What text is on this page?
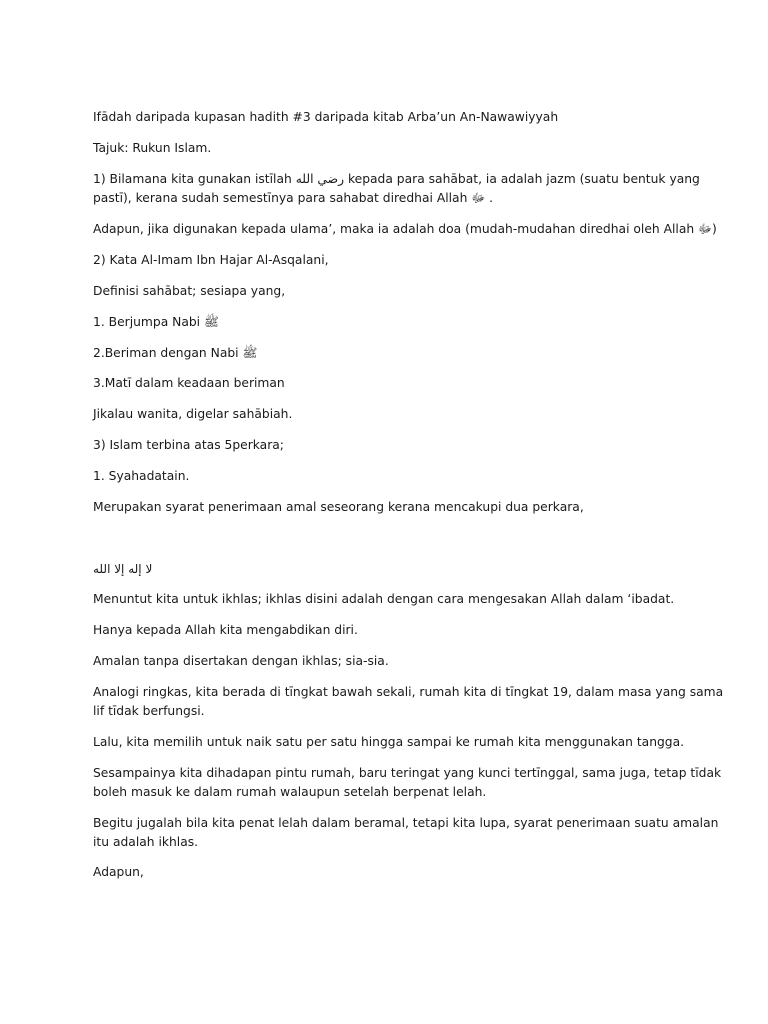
Ifādah daripada kupasan hadith #3 daripada kitab Arba’un An-Nawawiyyah
Tajuk: Rukun Islam.
1) Bilamana kita gunakan istīlah رضي الله kepada para sahābat, ia adalah jazm (suatu bentuk yang
pastī), kerana sudah semestīnya para sahabat diredhai Allah ﷻ .
Adapun, jika digunakan kepada ulama’, maka ia adalah doa (mudah-mudahan diredhai oleh Allah ﷻ)
2) Kata Al-Imam Ibn Hajar Al-Asqalani,
Definisi sahābat; sesiapa yang,
1. Berjumpa Nabi ﷺ
2.Beriman dengan Nabi ﷺ
3.Matī dalam keadaan beriman
Jikalau wanita, digelar sahābiah.
3) Islam terbina atas 5perkara;
1. Syahadatain.
Merupakan syarat penerimaan amal seseorang kerana mencakupi dua perkara,
لا إله إلا الله
Menuntut kita untuk ikhlas; ikhlas disini adalah dengan cara mengesakan Allah dalam ‘ibadat.
Hanya kepada Allah kita mengabdikan diri.
Amalan tanpa disertakan dengan ikhlas; sia-sia.
Analogi ringkas, kita berada di tīngkat bawah sekali, rumah kita di tīngkat 19, dalam masa yang sama
lif tīdak berfungsi.
Lalu, kita memilih untuk naik satu per satu hingga sampai ke rumah kita menggunakan tangga.
Sesampainya kita dihadapan pintu rumah, baru teringat yang kunci tertīnggal, sama juga, tetap tīdak
boleh masuk ke dalam rumah walaupun setelah berpenat lelah.
Begitu jugalah bila kita penat lelah dalam beramal, tetapi kita lupa, syarat penerimaan suatu amalan
itu adalah ikhlas.
Adapun,
